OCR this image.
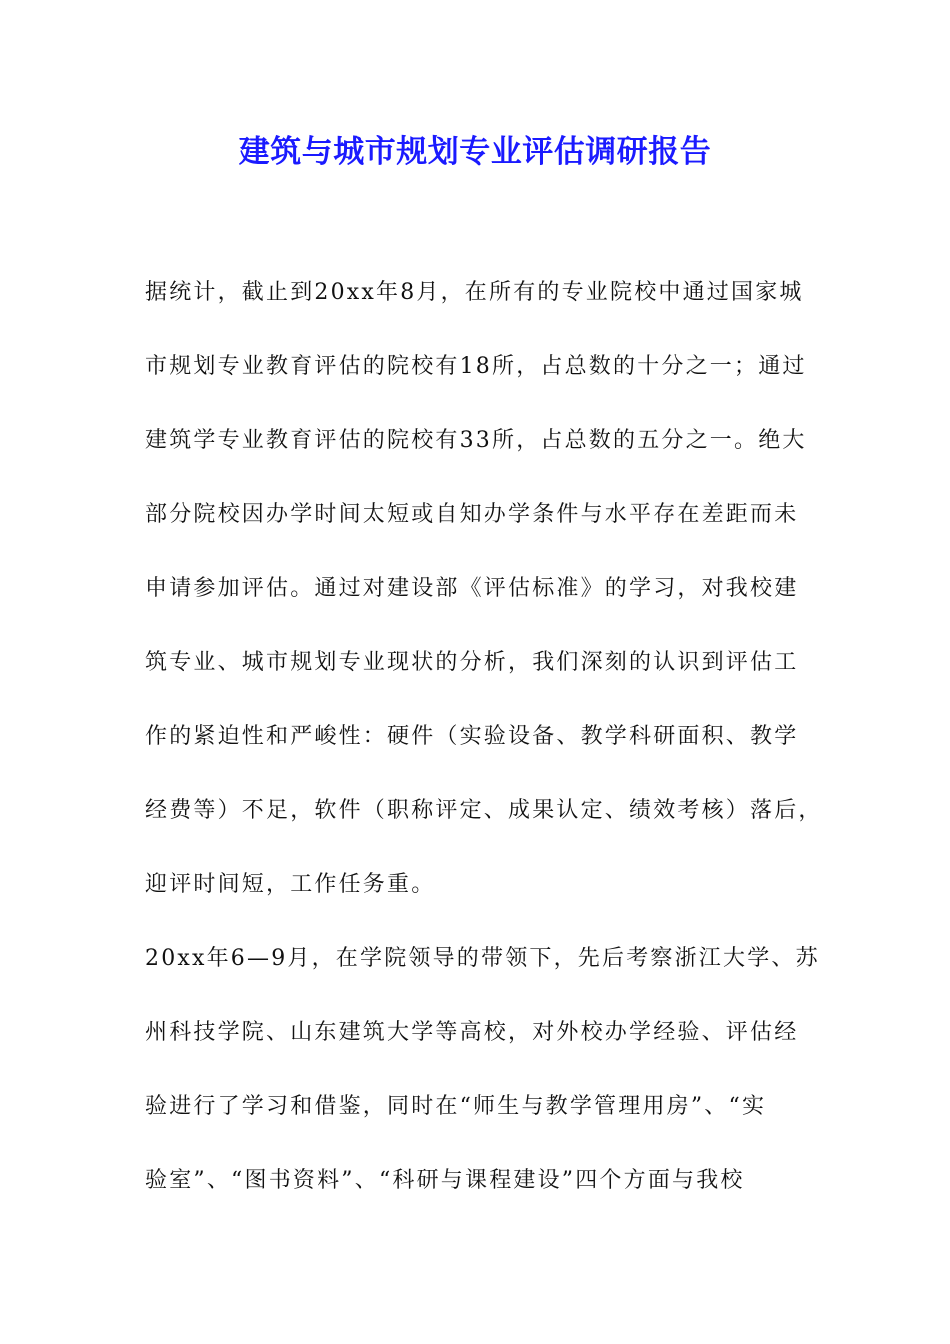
建筑与城市规划专业评估调研报告
据统计，截止到20xx年8月，在所有的专业院校中通过国家城
市规划专业教育评估的院校有18所，占总数的十分之一；通过
建筑学专业教育评估的院校有33所，占总数的五分之一。绝大
部分院校因办学时间太短或自知办学条件与水平存在差距而未
申请参加评估。通过对建设部《评估标准》的学习，对我校建
筑专业、城市规划专业现状的分析，我们深刻的认识到评估工
作的紧迫性和严峻性：硬件（实验设备、教学科研面积、教学
经费等）不足，软件（职称评定、成果认定、绩效考核）落后，
迎评时间短，工作任务重。
20xx年6—9月，在学院领导的带领下，先后考察浙江大学、苏
州科技学院、山东建筑大学等高校，对外校办学经验、评估经
验进行了学习和借鉴，同时在“师生与教学管理用房”、“实
验室”、“图书资料”、“科研与课程建设”四个方面与我校
